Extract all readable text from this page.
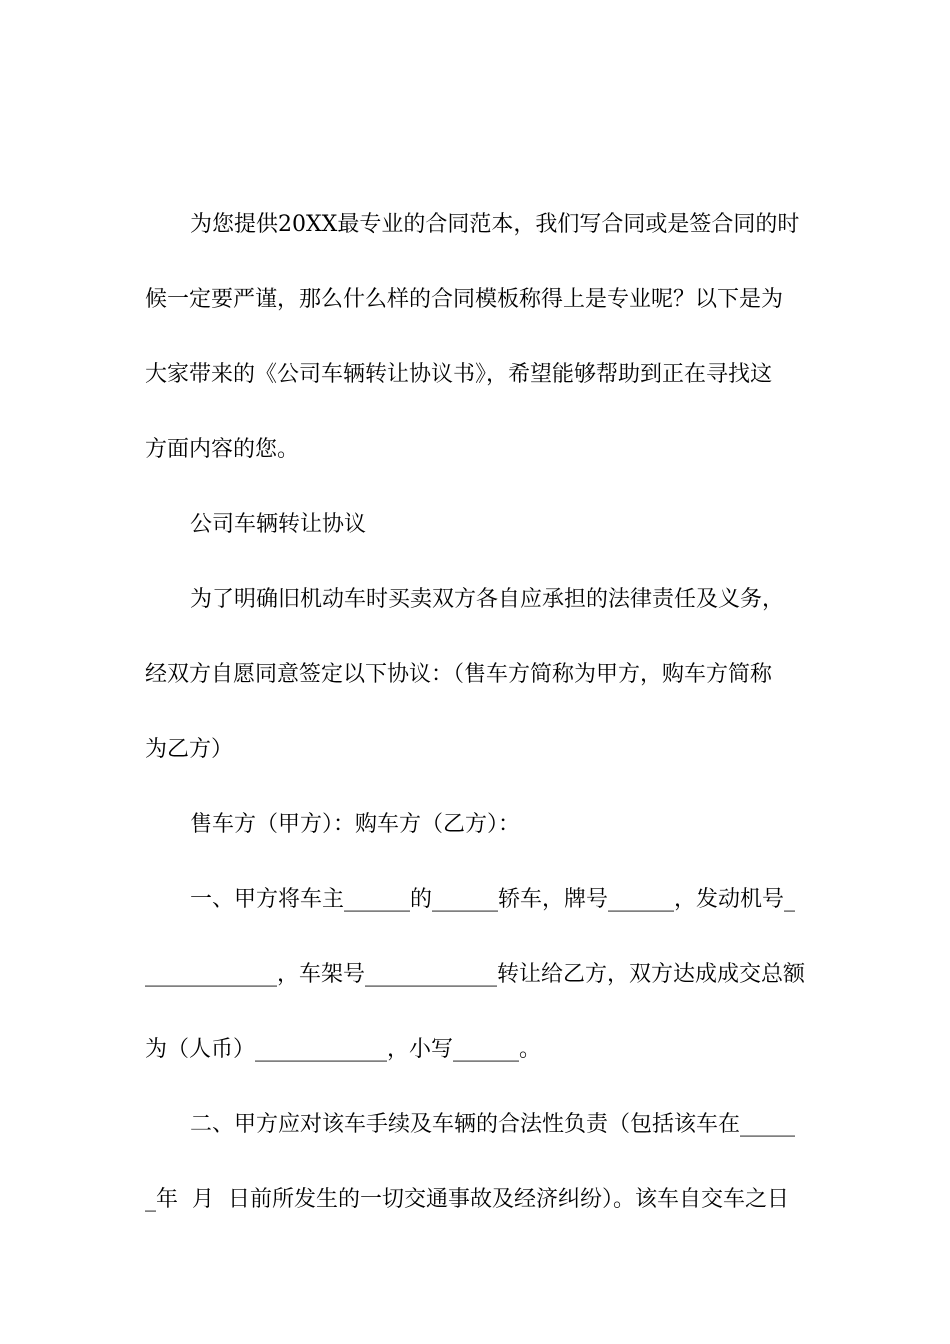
为您提供20XX最专业的合同范本，我们写合同或是签合同的时
候一定要严谨，那么什么样的合同模板称得上是专业呢？以下是为
大家带来的《公司车辆转让协议书》，希望能够帮助到正在寻找这
方面内容的您。
公司车辆转让协议
为了明确旧机动车时买卖双方各自应承担的法律责任及义务，
经双方自愿同意签定以下协议：（售车方简称为甲方，购车方简称
为乙方）
售车方（甲方）：购车方（乙方）：
一、甲方将车主______的______轿车，牌号______，发动机号_
____________，车架号____________转让给乙方，双方达成成交总额
为（人币）____________，小写______。
二、甲方应对该车手续及车辆的合法性负责（包括该车在_____
_年  月  日前所发生的一切交通事故及经济纠纷）。该车自交车之日
